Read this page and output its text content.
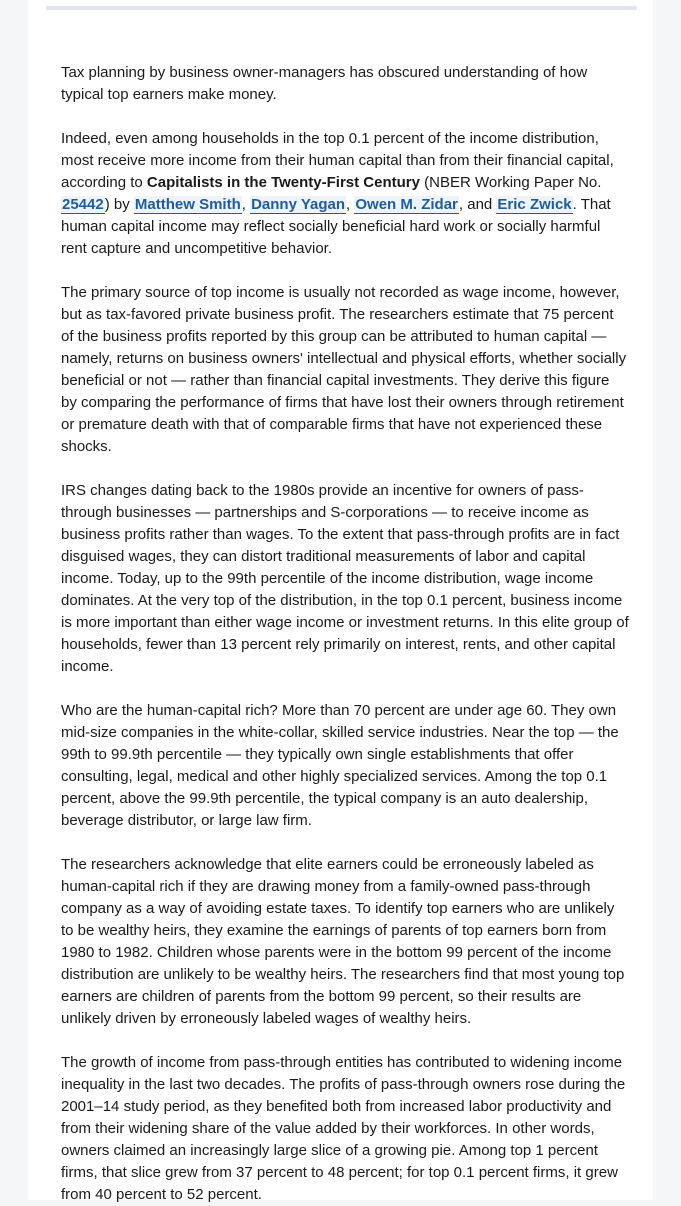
Tax planning by business owner-managers has obscured understanding of how typical top earners make money.

Indeed, even among households in the top 0.1 percent of the income distribution, most receive more income from their human capital than from their financial capital, according to Capitalists in the Twenty-First Century (NBER Working Paper No. 25442) by Matthew Smith, Danny Yagan, Owen M. Zidar, and Eric Zwick. That human capital income may reflect socially beneficial hard work or socially harmful rent capture and uncompetitive behavior.

The primary source of top income is usually not recorded as wage income, however, but as tax-favored private business profit. The researchers estimate that 75 percent of the business profits reported by this group can be attributed to human capital — namely, returns on business owners' intellectual and physical efforts, whether socially beneficial or not — rather than financial capital investments. They derive this figure by comparing the performance of firms that have lost their owners through retirement or premature death with that of comparable firms that have not experienced these shocks.

IRS changes dating back to the 1980s provide an incentive for owners of pass-through businesses — partnerships and S-corporations — to receive income as business profits rather than wages. To the extent that pass-through profits are in fact disguised wages, they can distort traditional measurements of labor and capital income. Today, up to the 99th percentile of the income distribution, wage income dominates. At the very top of the distribution, in the top 0.1 percent, business income is more important than either wage income or investment returns. In this elite group of households, fewer than 13 percent rely primarily on interest, rents, and other capital income.

Who are the human-capital rich? More than 70 percent are under age 60. They own mid-size companies in the white-collar, skilled service industries. Near the top — the 99th to 99.9th percentile — they typically own single establishments that offer consulting, legal, medical and other highly specialized services. Among the top 0.1 percent, above the 99.9th percentile, the typical company is an auto dealership, beverage distributor, or large law firm.

The researchers acknowledge that elite earners could be erroneously labeled as human-capital rich if they are drawing money from a family-owned pass-through company as a way of avoiding estate taxes. To identify top earners who are unlikely to be wealthy heirs, they examine the earnings of parents of top earners born from 1980 to 1982. Children whose parents were in the bottom 99 percent of the income distribution are unlikely to be wealthy heirs. The researchers find that most young top earners are children of parents from the bottom 99 percent, so their results are unlikely driven by erroneously labeled wages of wealthy heirs.

The growth of income from pass-through entities has contributed to widening income inequality in the last two decades. The profits of pass-through owners rose during the 2001–14 study period, as they benefited both from increased labor productivity and from their widening share of the value added by their workforces. In other words, owners claimed an increasingly large slice of a growing pie. Among top 1 percent firms, that slice grew from 37 percent to 48 percent; for top 0.1 percent firms, it grew from 40 percent to 52 percent.
